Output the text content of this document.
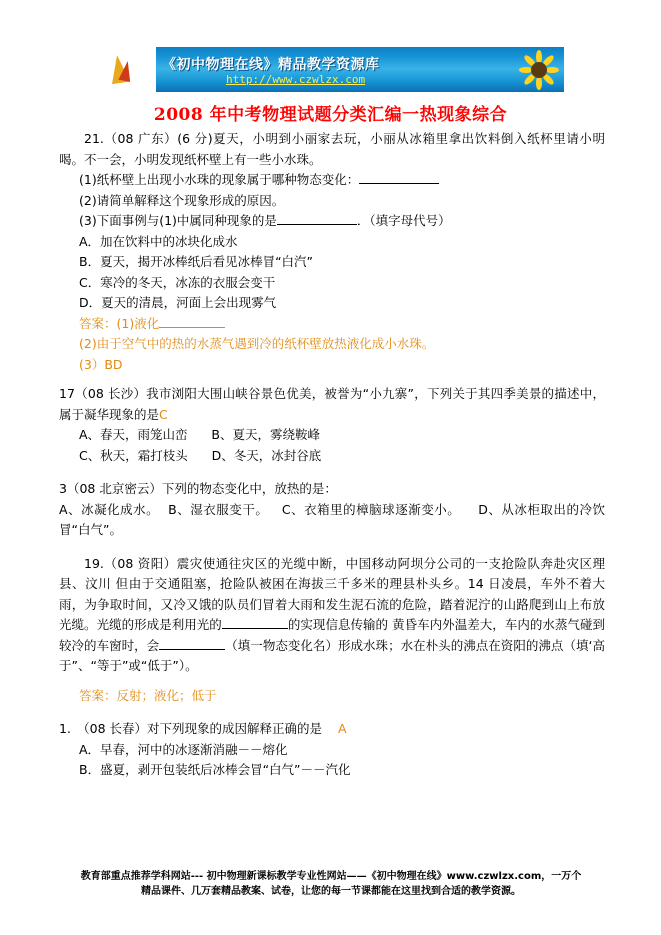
《初中物理在线》精品教学资源库
http://www.czwlzx.com
2008 年中考物理试题分类汇编一热现象综合

21.（08 广东）(6 分)夏天，小明到小丽家去玩，小丽从冰箱里拿出饮料倒入纸杯里请小明喝。不一会，小明发现纸杯壁上有一些小水珠。

(1)纸杯壁上出现小水珠的现象属于哪种物态变化：

(2)请简单解释这个现象形成的原因。

(3)下面事例与(1)中属同种现象的是	．（填字母代号）

A．加在饮料中的冰块化成水

B．夏天，揭开冰棒纸后看见冰棒冒“白汽”

C．寒冷的冬天，冰冻的衣服会变干

D．夏天的清晨，河面上会出现雾气

答案：(1)液化

(2)由于空气中的热的水蒸气遇到冷的纸杯壁放热液化成小水珠。

(3）BD

17（08 长沙）我市浏阳大围山峡谷景色优美，被誉为“小九寨”，下列关于其四季美景的描述中，属于凝华现象的是C

A、春天，雨笼山峦 B、夏天，雾绕鞍峰

C、秋天，霜打枝头 D、冬天，冰封谷底

3（08 北京密云）下列的物态变化中，放热的是：

A、冰凝化成水。 B、湿衣服变干。 C、衣箱里的樟脑球逐渐变小。 D、从冰柜取出的冷饮冒“白气”。

19.（08 资阳）震灾使通往灾区的光缆中断，中国移动阿坝分公司的一支抢险队奔赴灾区理县、汶川 但由于交通阻塞，抢险队被困在海拔三千多米的理县朴头乡。14 日凌晨，车外不着大雨，为争取时间，又冷又饿的队员们冒着大雨和发生泥石流的危险，踏着泥泞的山路爬到山上布放光缆。光缆的形成是利用光的	的实现信息传输的 黄昏车内外温差大，车内的水蒸气碰到较冷的车窗时，会	（填一物态变化名）形成水珠；水在朴头的沸点在资阳的沸点（填‘高于”、“等于”或“低于”）。

答案：反射；液化；低于

1.　（08 长春）对下列现象的成因解释正确的是 A

A．早春，河中的冰逐渐消融－－熔化

B．盛夏，剥开包装纸后冰棒会冒“白气”－－汽化

教育部重点推荐学科网站--- 初中物理新课标教学专业性网站——《初中物理在线》www.czwlzx.com，一万个
精品课件、几万套精品教案、试卷，让您的每一节课都能在这里找到合适的教学资源。
